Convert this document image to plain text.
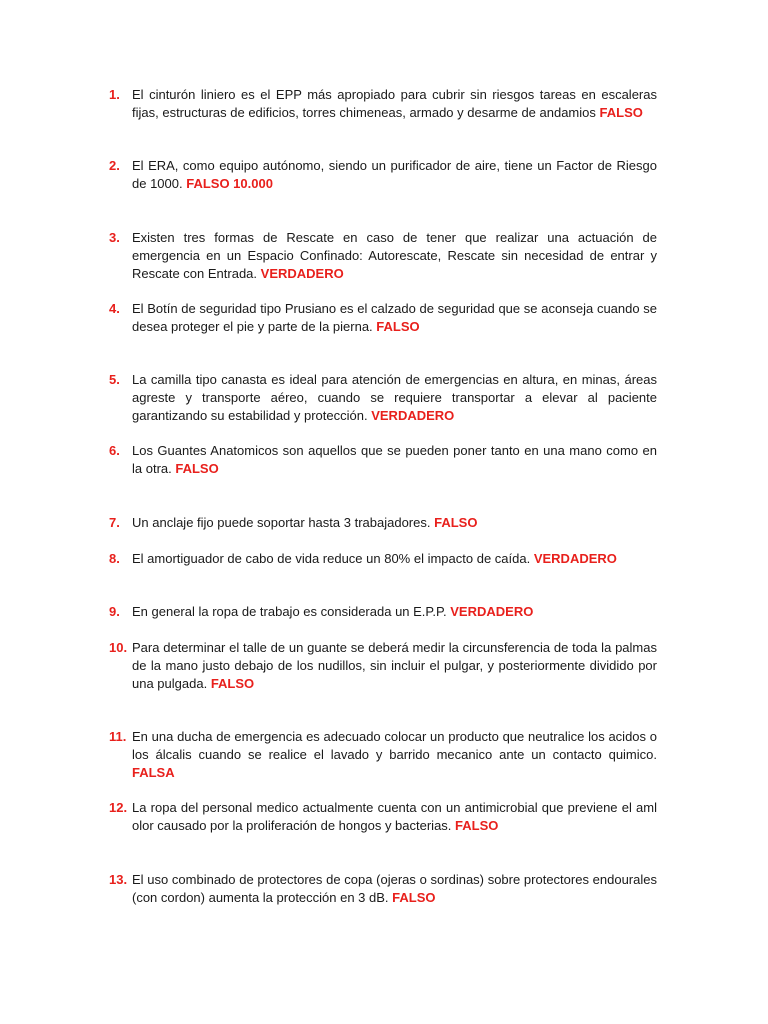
1. El cinturón liniero es el EPP más apropiado para cubrir sin riesgos tareas en escaleras fijas, estructuras de edificios, torres chimeneas, armado y desarme de andamios FALSO
2. El ERA, como equipo autónomo, siendo un purificador de aire, tiene un Factor de Riesgo de 1000. FALSO 10.000
3. Existen tres formas de Rescate en caso de tener que realizar una actuación de emergencia en un Espacio Confinado: Autorescate, Rescate sin necesidad de entrar y Rescate con Entrada. VERDADERO
4. El Botín de seguridad tipo Prusiano es el calzado de seguridad que se aconseja cuando se desea proteger el pie y parte de la pierna. FALSO
5. La camilla tipo canasta es ideal para atención de emergencias en altura, en minas, áreas agreste y transporte aéreo, cuando se requiere transportar a elevar al paciente garantizando su estabilidad y protección. VERDADERO
6. Los Guantes Anatomicos son aquellos que se pueden poner tanto en una mano como en la otra. FALSO
7. Un anclaje fijo puede soportar hasta 3 trabajadores. FALSO
8. El amortiguador de cabo de vida reduce un 80% el impacto de caída. VERDADERO
9. En general la ropa de trabajo es considerada un E.P.P. VERDADERO
10. Para determinar el talle de un guante se deberá medir la circunsferencia de toda la palmas de la mano justo debajo de los nudillos, sin incluir el pulgar, y posteriormente dividido por una pulgada. FALSO
11. En una ducha de emergencia es adecuado colocar un producto que neutralice los acidos o los álcalis cuando se realice el lavado y barrido mecanico ante un contacto quimico. FALSA
12. La ropa del personal medico actualmente cuenta con un antimicrobial que previene el aml olor causado por la proliferación de hongos y bacterias. FALSO
13. El uso combinado de protectores de copa (ojeras o sordinas) sobre protectores endourales (con cordon) aumenta la protección en 3 dB. FALSO
